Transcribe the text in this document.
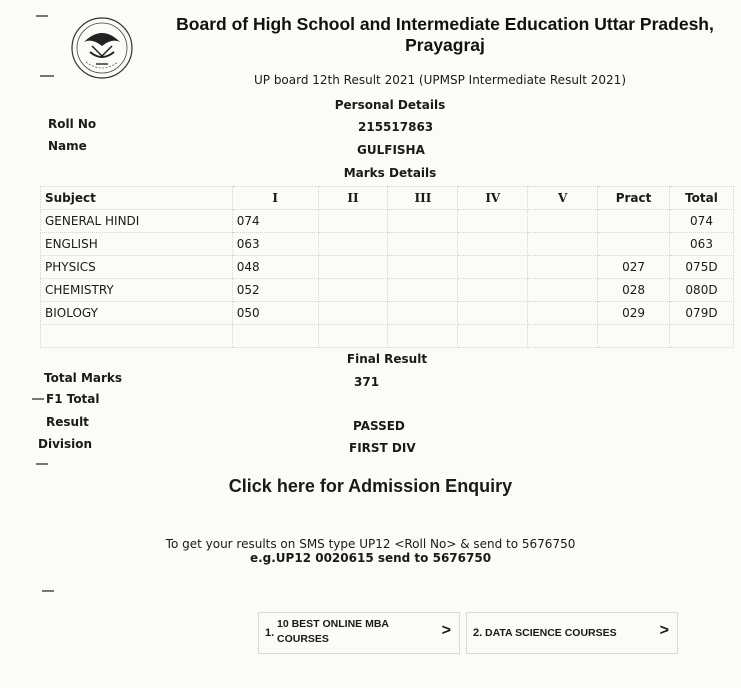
Board of High School and Intermediate Education Uttar Pradesh,
Prayagraj
UP board 12th Result 2021 (UPMSP Intermediate Result 2021)
Personal Details
Roll No	215517863
Name	GULFISHA
Marks Details
Subject	I	II	III	IV	V	Pract	Total
GENERAL HINDI	074						074
ENGLISH	063						063
PHYSICS	048					027	075D
CHEMISTRY	052					028	080D
BIOLOGY	050					029	079D

Final Result
Total Marks	371
F1 Total
Result	PASSED
Division	FIRST DIV
Click here for Admission Enquiry
To get your results on SMS type UP12 <Roll No> & send to 5676750
e.g.UP12 0020615 send to 5676750
1.
10 BEST ONLINE MBA COURSES	> 2. DATA SCIENCE COURSES	>
